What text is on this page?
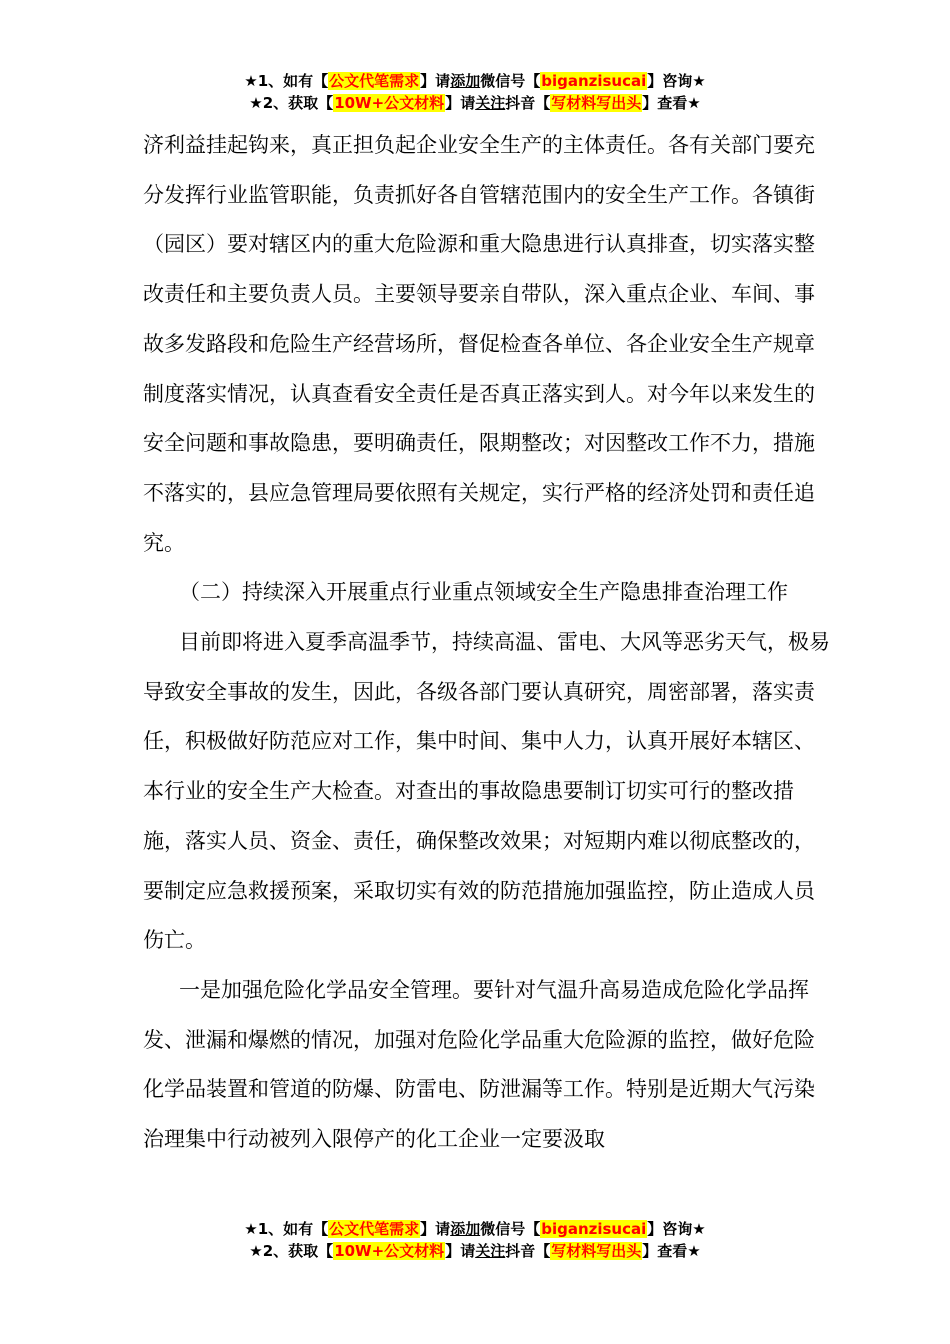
★1、如有【公文代笔需求】请添加微信号【biganzisucai】咨询★
★2、获取【10W+公文材料】请关注抖音【写材料写出头】查看★

济利益挂起钩来，真正担负起企业安全生产的主体责任。各有关部门要充分发挥行业监管职能，负责抓好各自管辖范围内的安全生产工作。各镇街（园区）要对辖区内的重大危险源和重大隐患进行认真排查，切实落实整改责任和主要负责人员。主要领导要亲自带队，深入重点企业、车间、事故多发路段和危险生产经营场所，督促检查各单位、各企业安全生产规章制度落实情况，认真查看安全责任是否真正落实到人。对今年以来发生的安全问题和事故隐患，要明确责任，限期整改；对因整改工作不力，措施不落实的，县应急管理局要依照有关规定，实行严格的经济处罚和责任追究。

（二）持续深入开展重点行业重点领域安全生产隐患排查治理工作

目前即将进入夏季高温季节，持续高温、雷电、大风等恶劣天气，极易导致安全事故的发生，因此，各级各部门要认真研究，周密部署，落实责任，积极做好防范应对工作，集中时间、集中人力，认真开展好本辖区、本行业的安全生产大检查。对查出的事故隐患要制订切实可行的整改措施，落实人员、资金、责任，确保整改效果；对短期内难以彻底整改的，要制定应急救援预案，采取切实有效的防范措施加强监控，防止造成人员伤亡。

一是加强危险化学品安全管理。要针对气温升高易造成危险化学品挥发、泄漏和爆燃的情况，加强对危险化学品重大危险源的监控，做好危险化学品装置和管道的防爆、防雷电、防泄漏等工作。特别是近期大气污染治理集中行动被列入限停产的化工企业一定要汲取

★1、如有【公文代笔需求】请添加微信号【biganzisucai】咨询★
★2、获取【10W+公文材料】请关注抖音【写材料写出头】查看★
